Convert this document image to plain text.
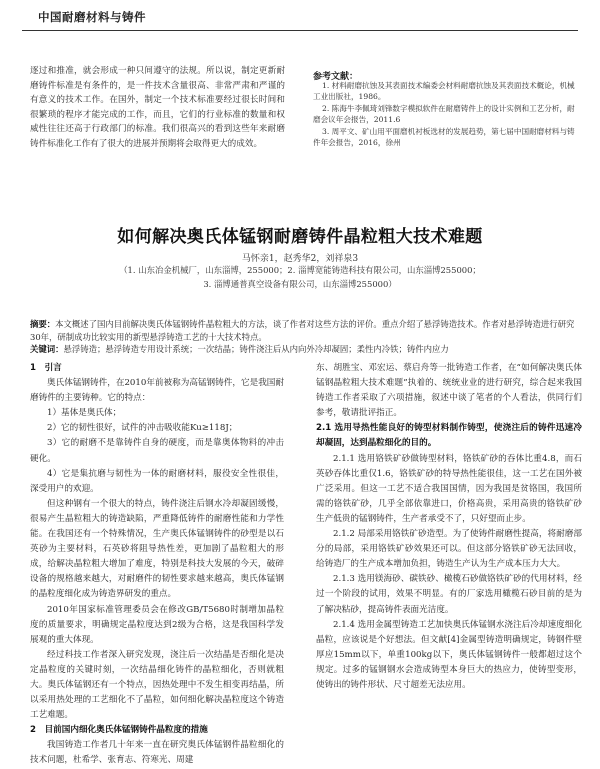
中国耐磨材料与铸件
逐过和推准，就会形成一种只间遵守的法规。所以说，制定更新耐磨铸件标准是有条件的，是一件技术含量很高、非常严肃和严谨的有意义的技术工作。在国外，制定一个技术标准要经过很长时间和很繁琐的程序才能完成的工作，而且，它们的行业标准的数量和权威性往往还高于行政部门的标准。我们很高兴的看到这些年来耐磨铸件标准化工作有了很大的进展并预期将会取得更大的成效。
参考文献：

1. 材料耐磨抗蚀及其表面技术编委会材料耐磨抗蚀及其表面技术概论，机械工业出版社，1986。

2. 陈海牛李佩琦刘锋数字模拟软件在耐磨铸件上的设计实例和工艺分析，耐磨会议年会报告，2011.6

3. 周平文、矿山用平面磨机衬板选材的发展趋势，第七届中国耐磨材料与铸件年会报告，2016，徐州

如何解决奥氏体锰钢耐磨铸件晶粒粗大技术难题
马怀亲1，赵秀华2，刘祥泉3
（1. 山东冶金机械厂，山东淄博，255000；2. 淄博宽能铸造科技有限公司，山东淄博255000；
3. 淄博通普真空设备有限公司，山东淄博255000）

摘要：本文概述了国内目前解决奥氏体锰钢铸件晶粒粗大的方法，谈了作者对这些方法的评价。重点介绍了悬浮铸造技术。作者对悬浮铸造进行研究30年，研制成功比较实用的新型悬浮铸造工艺的十大技术特点。

关键词：悬浮铸造；悬浮铸造专用设计系统；一次结晶；铸件浇注后从内向外冷却凝固；柔性内冷铁；铸件内应力

1　引言

奥氏体锰钢铸件，在2010年前被称为高锰钢铸件，它是我国耐磨铸件的主要铸种。它的特点：

1）基体是奥氏体；

2）它的韧性很好，试件的冲击吸收能Ku≥118J；

3）它的耐磨不是靠铸件自身的硬度，而是靠奥体物料的冲击硬化。

4）它是集抗磨与韧性为一体的耐磨材料，服役安全性很佳，深受用户的欢迎。

但这种钢有一个很大的特点，铸件浇注后钢水冷却凝固缓慢，很易产生晶粒粗大的铸造缺陷，严重降低铸件的耐磨性能和力学性能。在我国还有一个特殊情况，生产奥氏体锰钢铸件的砂型是以石英砂为主要材料，石英砂将阻导热性差，更加剧了晶粒粗大的形成，给解决晶粒粗大增加了难度，特别是科技大发展的今天，破碎设备的规格越来越大，对耐磨件的韧性要求越来越高，奥氏体锰钢的晶粒度细化成为铸造界研发的重点。

2010年国家标准管理委员会在修改GB/T5680时制增加晶粒度的质量要求，明确规定晶粒度达到2级为合格，这是我国科学发展观的重大体现。

经过科技工作者深入研究发现，浇注后一次结晶是否细化是决定晶粒度的关键时刻，一次结晶细化铸件的晶粒细化，否则就粗大。奥氏体锰钢还有一个特点，因热处理中不发生相变再结晶，所以采用热处理的工艺细化不了晶粒，如何细化解决晶粒度这个铸造工艺难题。

2　目前国内细化奥氏体锰钢铸件晶粒度的措施

我国铸造工作者几十年来一直在研究奥氏体锰钢件晶粒细化的技术问题，杜希学、张育志、符寒光、周建

东、胡胜宝、邓宏运、蔡启舟等一批铸造工作者，在“如何解决奥氏体锰钢晶粒粗大技术难题”执着的、统统业业的进行研究，综合起来我国铸造工作者采取了六项措施，叙述中谈了笔者的个人看法，供同行们参考，敬请批评指正。

2.1 选用导热性能良好的铸型材料制作铸型，使浇注后的铸件迅速冷却凝固，达到晶粒细化的目的。

2.1.1 选用铬铁矿砂做铸型材料，铬铁矿砂的吞体比重4.8，而石英砂吞体比重仅1.6，铬铁矿砂的特导热性能很佳，这一工艺在国外被广泛采用。但这一工艺不适合我国国情，因为我国是贫铬国，我国所需的铬铁矿砂，几乎全部依靠进口，价格高贵，采用高贵的铬铁矿砂生产低贵的锰钢铸件，生产者承受不了，只好望而止步。

2.1.2 局部采用铬铁矿砂造型。为了使铸件耐磨性提高，将耐磨部分的局部，采用铬铁矿砂效果还可以。但这部分铬铁矿砂无法回收，给铸造厂的生产成本增加负担，铸造生产认为生产成本压力大大。

2.1.3 选用镁海砂、碳铁砂、橄榄石砂做铬铁矿砂的代用材料，经过一个阶段的试用，效果不明显。有的厂家选用橄榄石砂目前的是为了解决粘砂，提高铸件表面光洁度。

2.1.4 选用金属型铸造工艺加快奥氏体锰钢水浇注后冷却速度细化晶粒，应该说是个好想法。但文献[4]金属型铸造明确规定，铸钢件壁厚应15mm以下，单重100kg以下，奥氏体锰钢铸件一般都超过这个规定。过多的锰钢钢水会造成铸型本身巨大的热应力，使铸型变形，使铸出的铸件形状、尺寸超差无法应用。
